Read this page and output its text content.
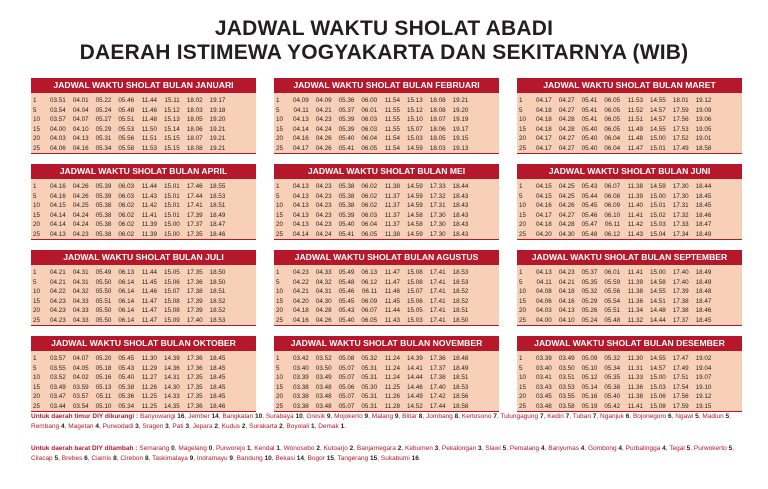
JADWAL WAKTU SHOLAT ABADI
DAERAH ISTIMEWA YOGYAKARTA DAN SEKITARNYA (WIB)
JADWAL WAKTU SHOLAT BULAN JANUARI
1	03.51	04.01	05.22	05.46	11.44	15.11	18.02	19.17
5	03.54	04.04	05.24	05.48	11.46	15.12	18.03	19.18
10	03.57	04.07	05.27	05.51	11.48	15.13	18.05	19.20
15	04.00	04.10	05.29	05.53	11.50	15.14	18.06	19.21
20	04.03	04.13	05.31	05.56	11.51	15.15	18.07	19.21
25	04.06	04.16	05.34	05.58	11.53	15.15	18.08	19.21
JADWAL WAKTU SHOLAT BULAN FEBRUARI
1	04.09	04.09	05.36	06.00	11.54	15.13	18.08	19.21
5	04.11	04.21	05.37	06.01	11.55	15.12	18.08	19.20
10	04.13	04.23	05.39	06.03	11.55	15.10	18.07	19.19
15	04.14	04.24	05.39	06.03	11.55	15.07	18.06	19.17
20	04.16	04.26	05.40	06.04	11.54	15.03	18.05	19.15
25	04.17	04.26	05.41	06.05	11.54	14.59	18.03	19.13
JADWAL WAKTU SHOLAT BULAN MARET
1	04.17	04.27	05.41	06.05	11.53	14.55	18.01	19.12
5	04.18	04.27	05.41	06.05	11.52	14.57	17.59	19.09
10	04.18	04.28	05.41	06.05	11.51	14.57	17.56	19.06
15	04.18	04.28	05.40	06.05	11.49	14.55	17.53	19.05
20	04.17	04.27	05.40	06.04	11.48	15.00	17.52	19.01
25	04.17	04.27	05.40	06.04	11.47	15.01	17.49	18.58
JADWAL WAKTU SHOLAT BULAN APRIL
1	04.16	04.26	05.39	06.03	11.44	15.01	17.46	18.55
5	04.16	04.26	05.39	06.03	11.43	15.01	17.44	18.53
10	04.15	04.25	05.38	06.02	11.42	15.01	17.41	18.51
15	04.14	04.24	05.38	06.02	11.41	15.01	17.39	18.49
20	04.14	04.24	05.38	06.02	11.39	15.00	17.37	18.47
25	04.13	04.23	05.38	06.02	11.39	15.00	17.35	18.46
JADWAL WAKTU SHOLAT BULAN MEI
1	04.13	04.23	05.38	06.02	11.38	14.59	17.33	18.44
5	04.13	04.23	05.38	06.02	11.37	14.59	17.32	18.43
10	04.13	04.23	05.38	06.02	11.37	14.59	17.31	18.43
15	04.13	04.23	05.39	06.03	11.37	14.58	17.30	18.43
20	04.13	04.23	05.40	06.04	11.37	14.58	17.30	18.43
25	04.14	04.24	05.41	06.05	11.38	14.59	17.30	18.43
JADWAL WAKTU SHOLAT BULAN JUNI
1	04.15	04.25	05.43	06.07	11.38	14.59	17.30	18.44
5	04.15	04.25	05.44	06.08	11.39	15.00	17.30	18.45
10	04.16	04.26	05.45	06.09	11.40	15.01	17.31	18.45
15	04.17	04.27	05.46	06.10	11.41	15.02	17.32	18.46
20	04.18	04.28	05.47	06.11	11.42	15.03	17.33	18.47
25	04.20	04.30	05.48	06.12	11.43	15.04	17.34	18.49
JADWAL WAKTU SHOLAT BULAN JULI
1	04.21	04.31	05.49	06.13	11.44	15.05	17.35	18.50
5	04.21	04.31	05.50	06.14	11.45	15.06	17.36	18.50
10	04.22	04.32	05.50	06.14	11.46	15.07	17.38	18.51
15	04.23	04.33	05.51	06.14	11.47	15.08	17.39	18.52
20	04.23	04.33	05.50	06.14	11.47	15.08	17.39	18.52
25	04.23	04.33	05.50	06.14	11.47	15.09	17.40	18.53
JADWAL WAKTU SHOLAT BULAN AGUSTUS
1	04.23	04.33	05.49	06.13	11.47	15.08	17.41	18.53
5	04.22	04.32	05.48	06.12	11.47	15.08	17.41	18.53
10	04.21	04.31	05.46	06.11	11.46	15.07	17.41	18.52
15	04.20	04.30	05.45	06.09	11.45	15.06	17.41	18.52
20	04.18	04.28	05.43	06.07	11.44	15.05	17.41	18.51
25	04.16	04.26	05.40	06.05	11.43	15.03	17.41	18.50
JADWAL WAKTU SHOLAT BULAN SEPTEMBER
1	04.13	04.23	05.37	06.01	11.41	15.00	17.40	18.49
5	04.11	04.21	05.35	05.59	11.39	14.58	17.40	18.49
10	04.08	04.18	05.32	05.56	11.38	14.55	17.39	18.48
15	04.06	04.16	05.29	05.54	11.36	14.51	17.38	18.47
20	04.03	04.13	05.26	05.51	11.34	14.48	17.38	18.46
25	04.00	04.10	05.24	05.48	11.32	14.44	17.37	18.45
JADWAL WAKTU SHOLAT BULAN OKTOBER
1	03.57	04.07	05.20	05.45	11.30	14.39	17.36	18.45
5	03.55	04.05	05.18	05.43	11.29	14.36	17.36	18.45
10	03.52	04.02	05.16	05.40	11.27	14.31	17.35	18.45
15	03.49	03.59	05.13	05.38	11.26	14.30	17.35	18.45
20	03.47	03.57	05.11	05.36	11.25	14.33	17.35	18.45
25	03.44	03.54	05.10	05.34	11.25	14.35	17.36	18.46
JADWAL WAKTU SHOLAT BULAN NOVEMBER
1	03.42	03.52	05.08	05.32	11.24	14.39	17.36	18.48
5	03.40	03.50	05.07	05.31	11.24	14.41	17.37	18.49
10	03.39	03.49	05.07	05.31	11.24	14.44	17.38	18.51
15	03.38	03.48	05.06	05.30	11.25	14.46	17.40	18.53
20	03.38	03.48	05.07	05.31	11.26	14.49	17.42	18.56
25	03.38	03.48	05.07	05.31	11.28	14.52	17.44	18.58
JADWAL WAKTU SHOLAT BULAN DESEMBER
1	03.39	03.49	05.09	05.32	11.30	14.55	17.47	19.02
5	03.40	03.50	05.10	05.34	11.31	14.57	17.49	19.04
10	03.41	03.51	05.12	05.35	11.33	15.00	17.51	19.07
15	03.43	03.53	05.14	05.38	11.36	15.03	17.54	19.10
20	03.45	03.55	05.16	05.40	11.38	15.06	17.56	19.12
25	03.48	03.58	05.19	05.42	11.41	15.08	17.59	19.15
Untuk daerah timur DIY dikurangi : Banyuwangi 16, Jember 14, Bangkalan 10, Surabaya 10, Gresik 9, Mojokerto 9, Malang 9, Blitar 8, Jombang 8, Kertosono 7, Tulungagung 7, Kediri 7, Tuban 7, Nganjuk 6, Bojonegoro 6, Ngawi 5, Madiun 5, Rembang 4, Magetan 4, Purwodadi 3, Sragen 3, Pati 3, Jepara 2, Kudus 2, Surakarta 2, Boyolali 1, Demak 1.
Untuk daerah barat DIY ditambah : Semarang 0, Magelang 0, Purworejo 1, Kendal 1, Wonosobo 2, Kutoarjo 2, Banjarnegara 2, Kebumen 3, Pekalongan 3, Slawi 5, Pemalang 4, Banyumas 4, Gombong 4, Purbalingga 4, Tegal 5, Purwokerto 5, Cilacap 5, Brebes 6, Ciamis 8, Cirebon 8, Taskimalaya 9, Indramayu 9, Bandung 10, Bekasi 14, Bogor 15, Tangerang 15, Sukabumi 16.
